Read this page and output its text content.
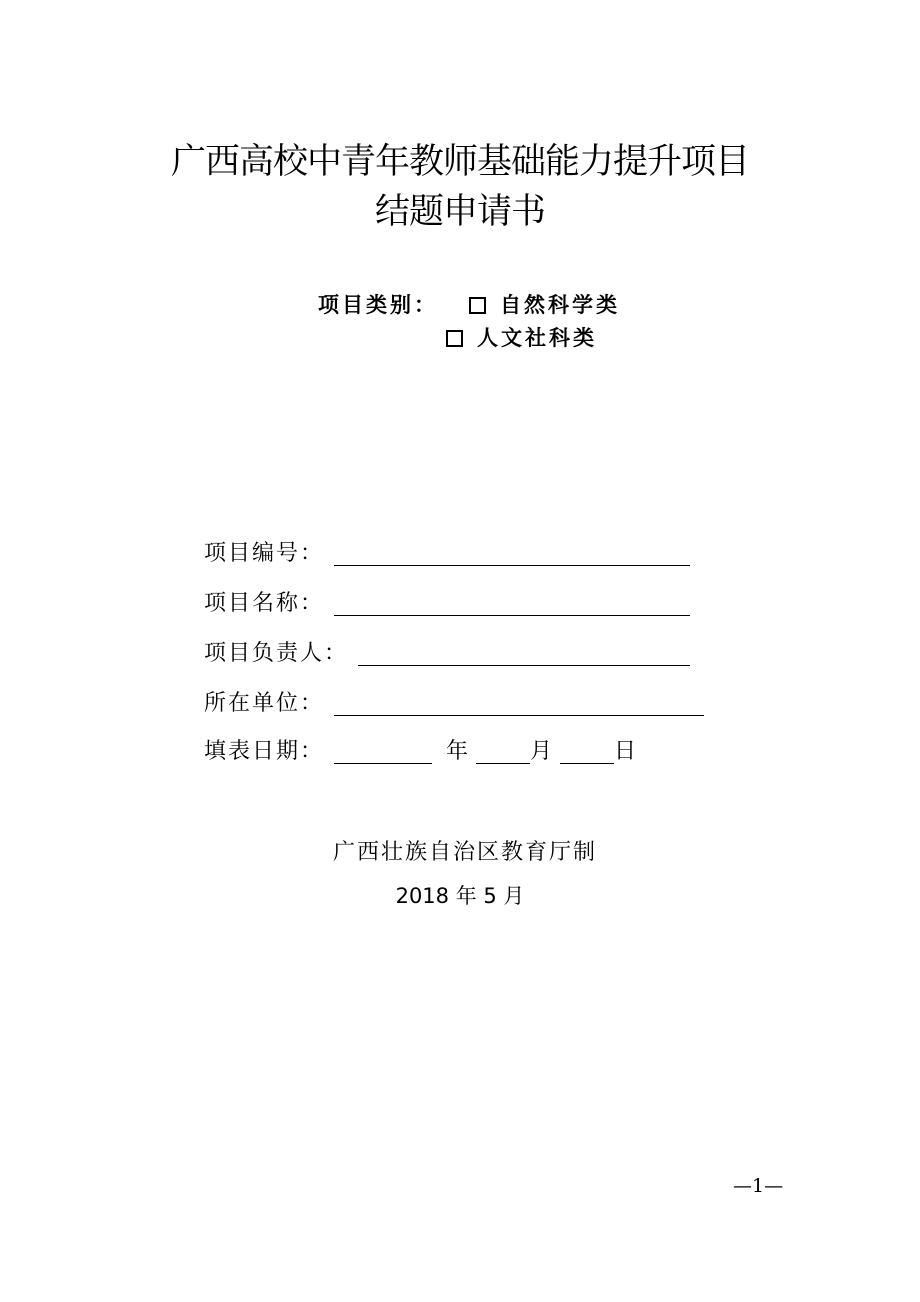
广西高校中青年教师基础能力提升项目
结题申请书
项目类别：	自然科学类
人文社科类
项目编号：
项目名称：
项目负责人：
所在单位：
填表日期：	年	月	日
广西壮族自治区教育厅制
2018 年 5 月
—1—
